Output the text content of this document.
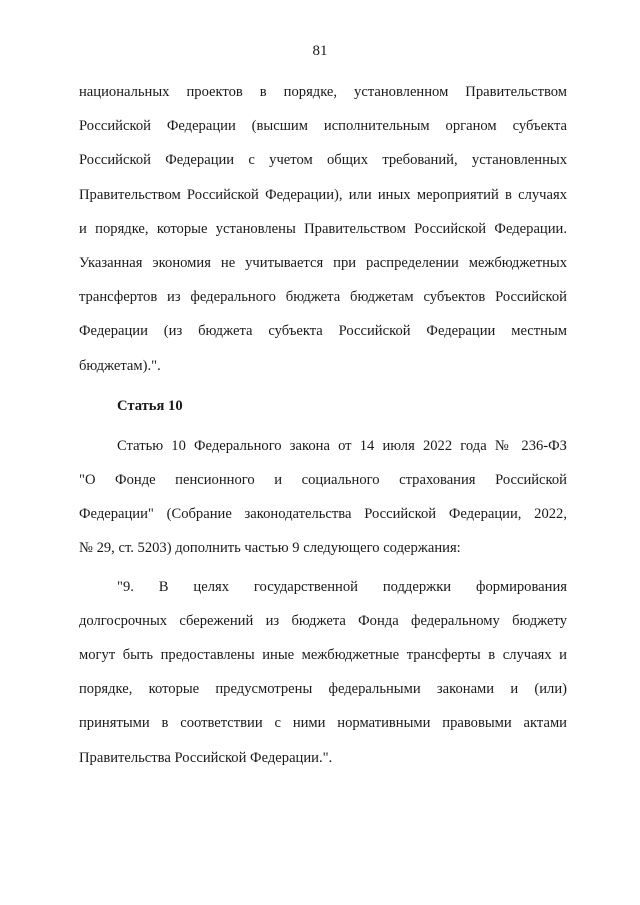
81
национальных проектов в порядке, установленном Правительством
Российской Федерации (высшим исполнительным органом субъекта
Российской Федерации с учетом общих требований, установленных
Правительством Российской Федерации), или иных мероприятий в случаях
и порядке, которые установлены Правительством Российской Федерации.
Указанная экономия не учитывается при распределении межбюджетных
трансфертов из федерального бюджета бюджетам субъектов Российской
Федерации (из бюджета субъекта Российской Федерации местным
бюджетам).".
Статья 10
Статью 10 Федерального закона от 14 июля 2022 года № 236-ФЗ
"О Фонде пенсионного и социального страхования Российской
Федерации" (Собрание законодательства Российской Федерации, 2022,
№ 29, ст. 5203) дополнить частью 9 следующего содержания:
"9. В целях государственной поддержки формирования
долгосрочных сбережений из бюджета Фонда федеральному бюджету
могут быть предоставлены иные межбюджетные трансферты в случаях и
порядке, которые предусмотрены федеральными законами и (или)
принятыми в соответствии с ними нормативными правовыми актами
Правительства Российской Федерации.".
